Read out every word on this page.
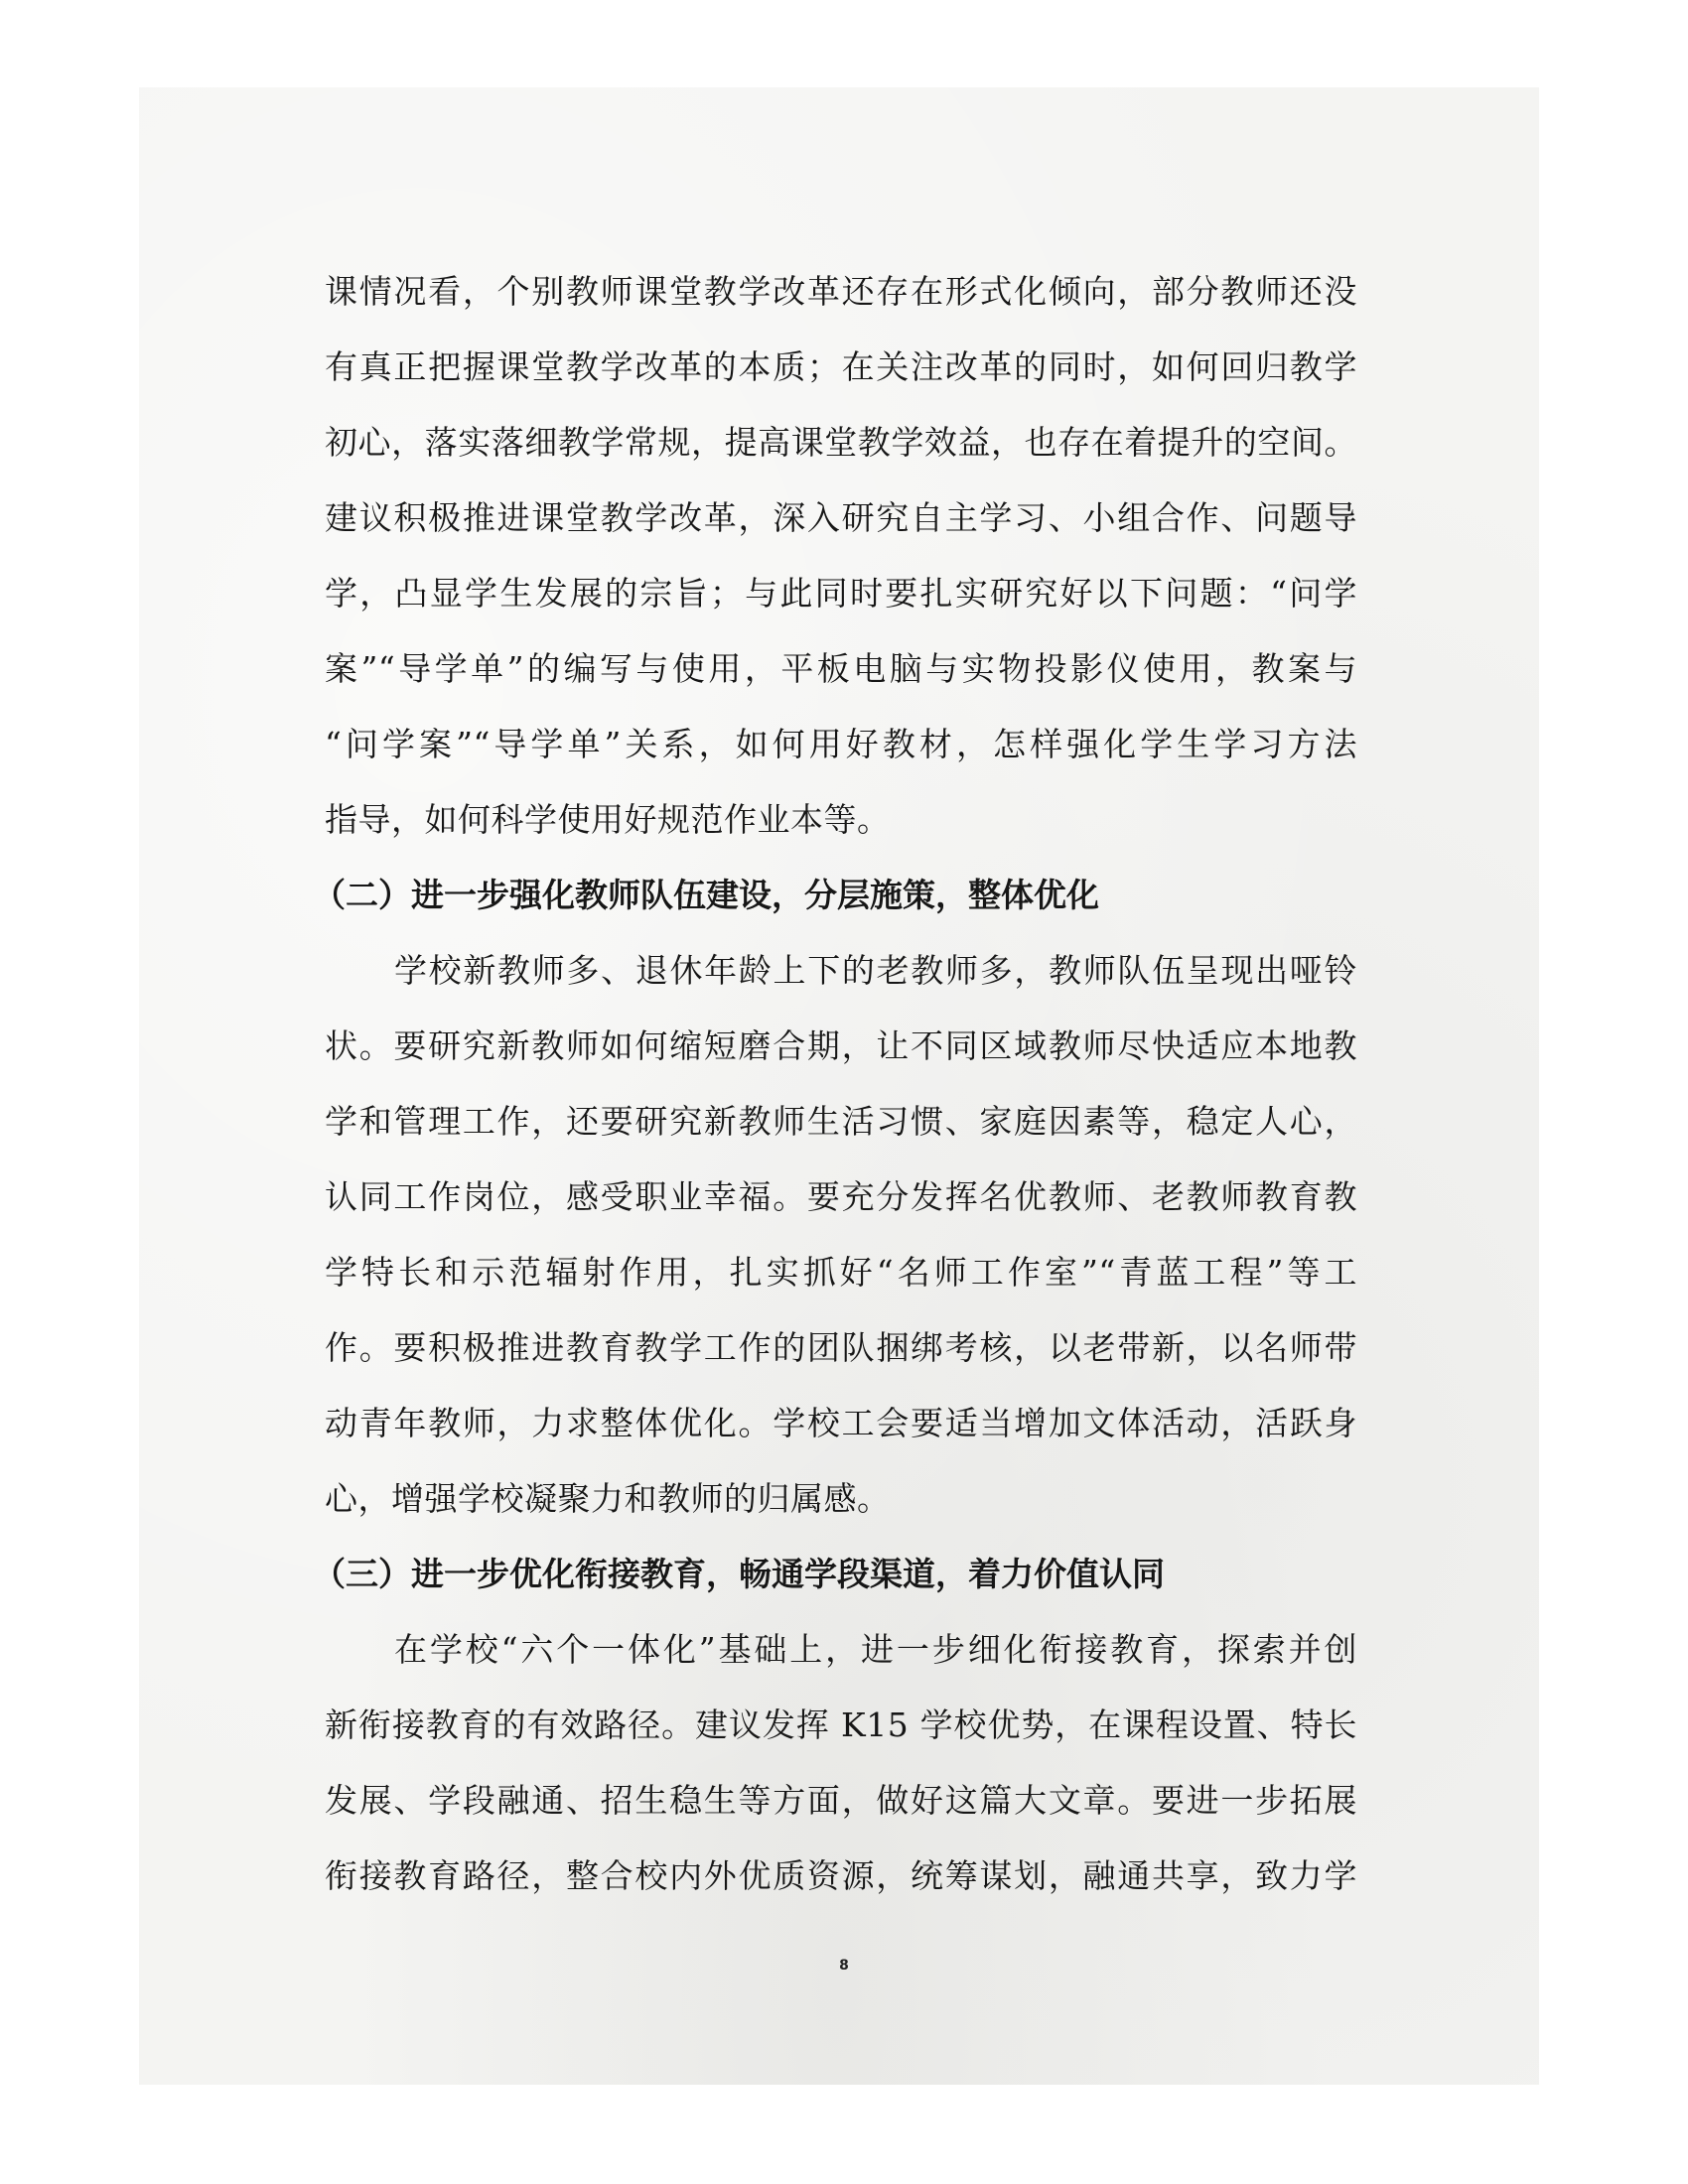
课情况看，个别教师课堂教学改革还存在形式化倾向，部分教师还没
有真正把握课堂教学改革的本质；在关注改革的同时，如何回归教学
初心，落实落细教学常规，提高课堂教学效益，也存在着提升的空间。
建议积极推进课堂教学改革，深入研究自主学习、小组合作、问题导
学，凸显学生发展的宗旨；与此同时要扎实研究好以下问题：“问学
案”“导学单”的编写与使用，平板电脑与实物投影仪使用，教案与
“问学案”“导学单”关系，如何用好教材，怎样强化学生学习方法
指导，如何科学使用好规范作业本等。
（二）进一步强化教师队伍建设，分层施策，整体优化
学校新教师多、退休年龄上下的老教师多，教师队伍呈现出哑铃
状。要研究新教师如何缩短磨合期，让不同区域教师尽快适应本地教
学和管理工作，还要研究新教师生活习惯、家庭因素等，稳定人心，
认同工作岗位，感受职业幸福。要充分发挥名优教师、老教师教育教
学特长和示范辐射作用，扎实抓好“名师工作室”“青蓝工程”等工
作。要积极推进教育教学工作的团队捆绑考核，以老带新，以名师带
动青年教师，力求整体优化。学校工会要适当增加文体活动，活跃身
心，增强学校凝聚力和教师的归属感。
（三）进一步优化衔接教育，畅通学段渠道，着力价值认同
在学校“六个一体化”基础上，进一步细化衔接教育，探索并创
新衔接教育的有效路径。建议发挥 K15 学校优势，在课程设置、特长
发展、学段融通、招生稳生等方面，做好这篇大文章。要进一步拓展
衔接教育路径，整合校内外优质资源，统筹谋划，融通共享，致力学
8
